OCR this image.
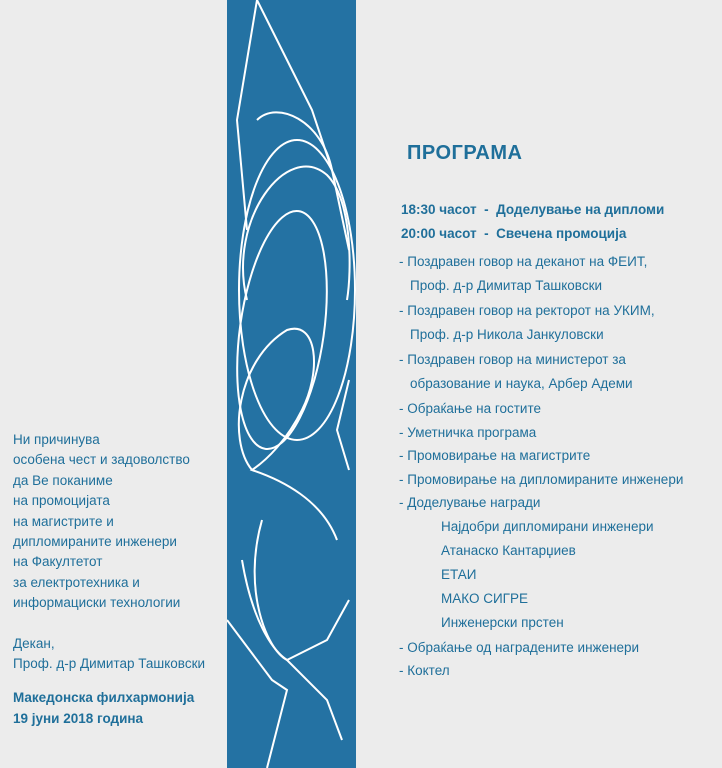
Ни причинува
особена чест и задоволство
да Ве поканиме
на промоцијата
на магистрите и
дипломираните инженери
на Факултетот
за електротехника и
информациски технологии
Декан,
Проф. д-р Димитар Ташковски
Македонска филхармонија
19 јуни 2018 година
ПРОГРАМА
18:30 часот  -  Доделување на дипломи
20:00 часот  -  Свечена промоција
- Поздравен говор на деканот на ФЕИТ,
Проф. д-р Димитар Ташковски
- Поздравен говор на ректорот на УКИМ,
Проф. д-р Никола Јанкуловски
- Поздравен говор на министерот за
образование и наука, Арбер Адеми
- Обраќање на гостите
- Уметничка програма
- Промовирање на магистрите
- Промовирање на дипломираните инженери
- Доделување награди
Најдобри дипломирани инженери
Атанаско Кантарџиев
ЕТАИ
МАКО СИГРЕ
Инженерски прстен
- Обраќање од наградените инженери
- Коктел
